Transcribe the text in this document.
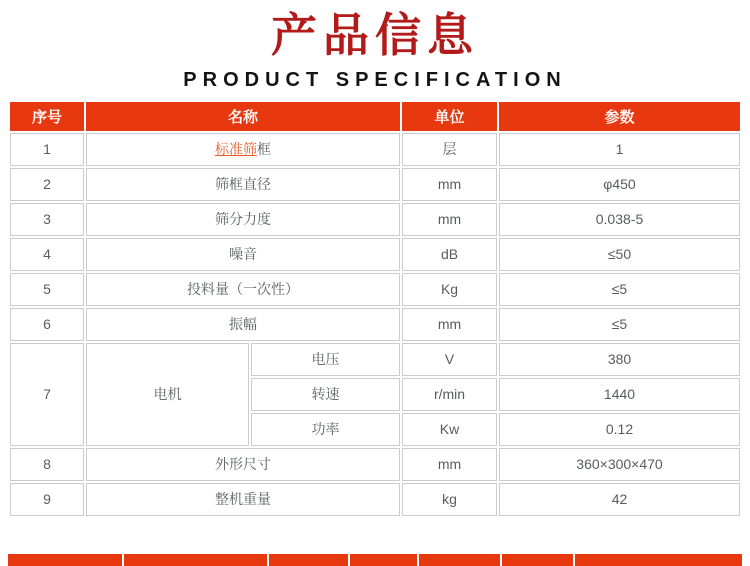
产品信息
PRODUCT SPECIFICATION
序号	名称		单位	参数
1	标准筛框		层	1
2	筛框直径		mm	φ450
3	筛分力度		mm	0.038-5
4	噪音		dB	≤50
5	投料量（一次性）		Kg	≤5
6	振幅		mm	≤5
7	电机	电压	V	380
		转速	r/min	1440
		功率	Kw	0.12
8	外形尺寸		mm	360×300×470
9	整机重量		kg	42
